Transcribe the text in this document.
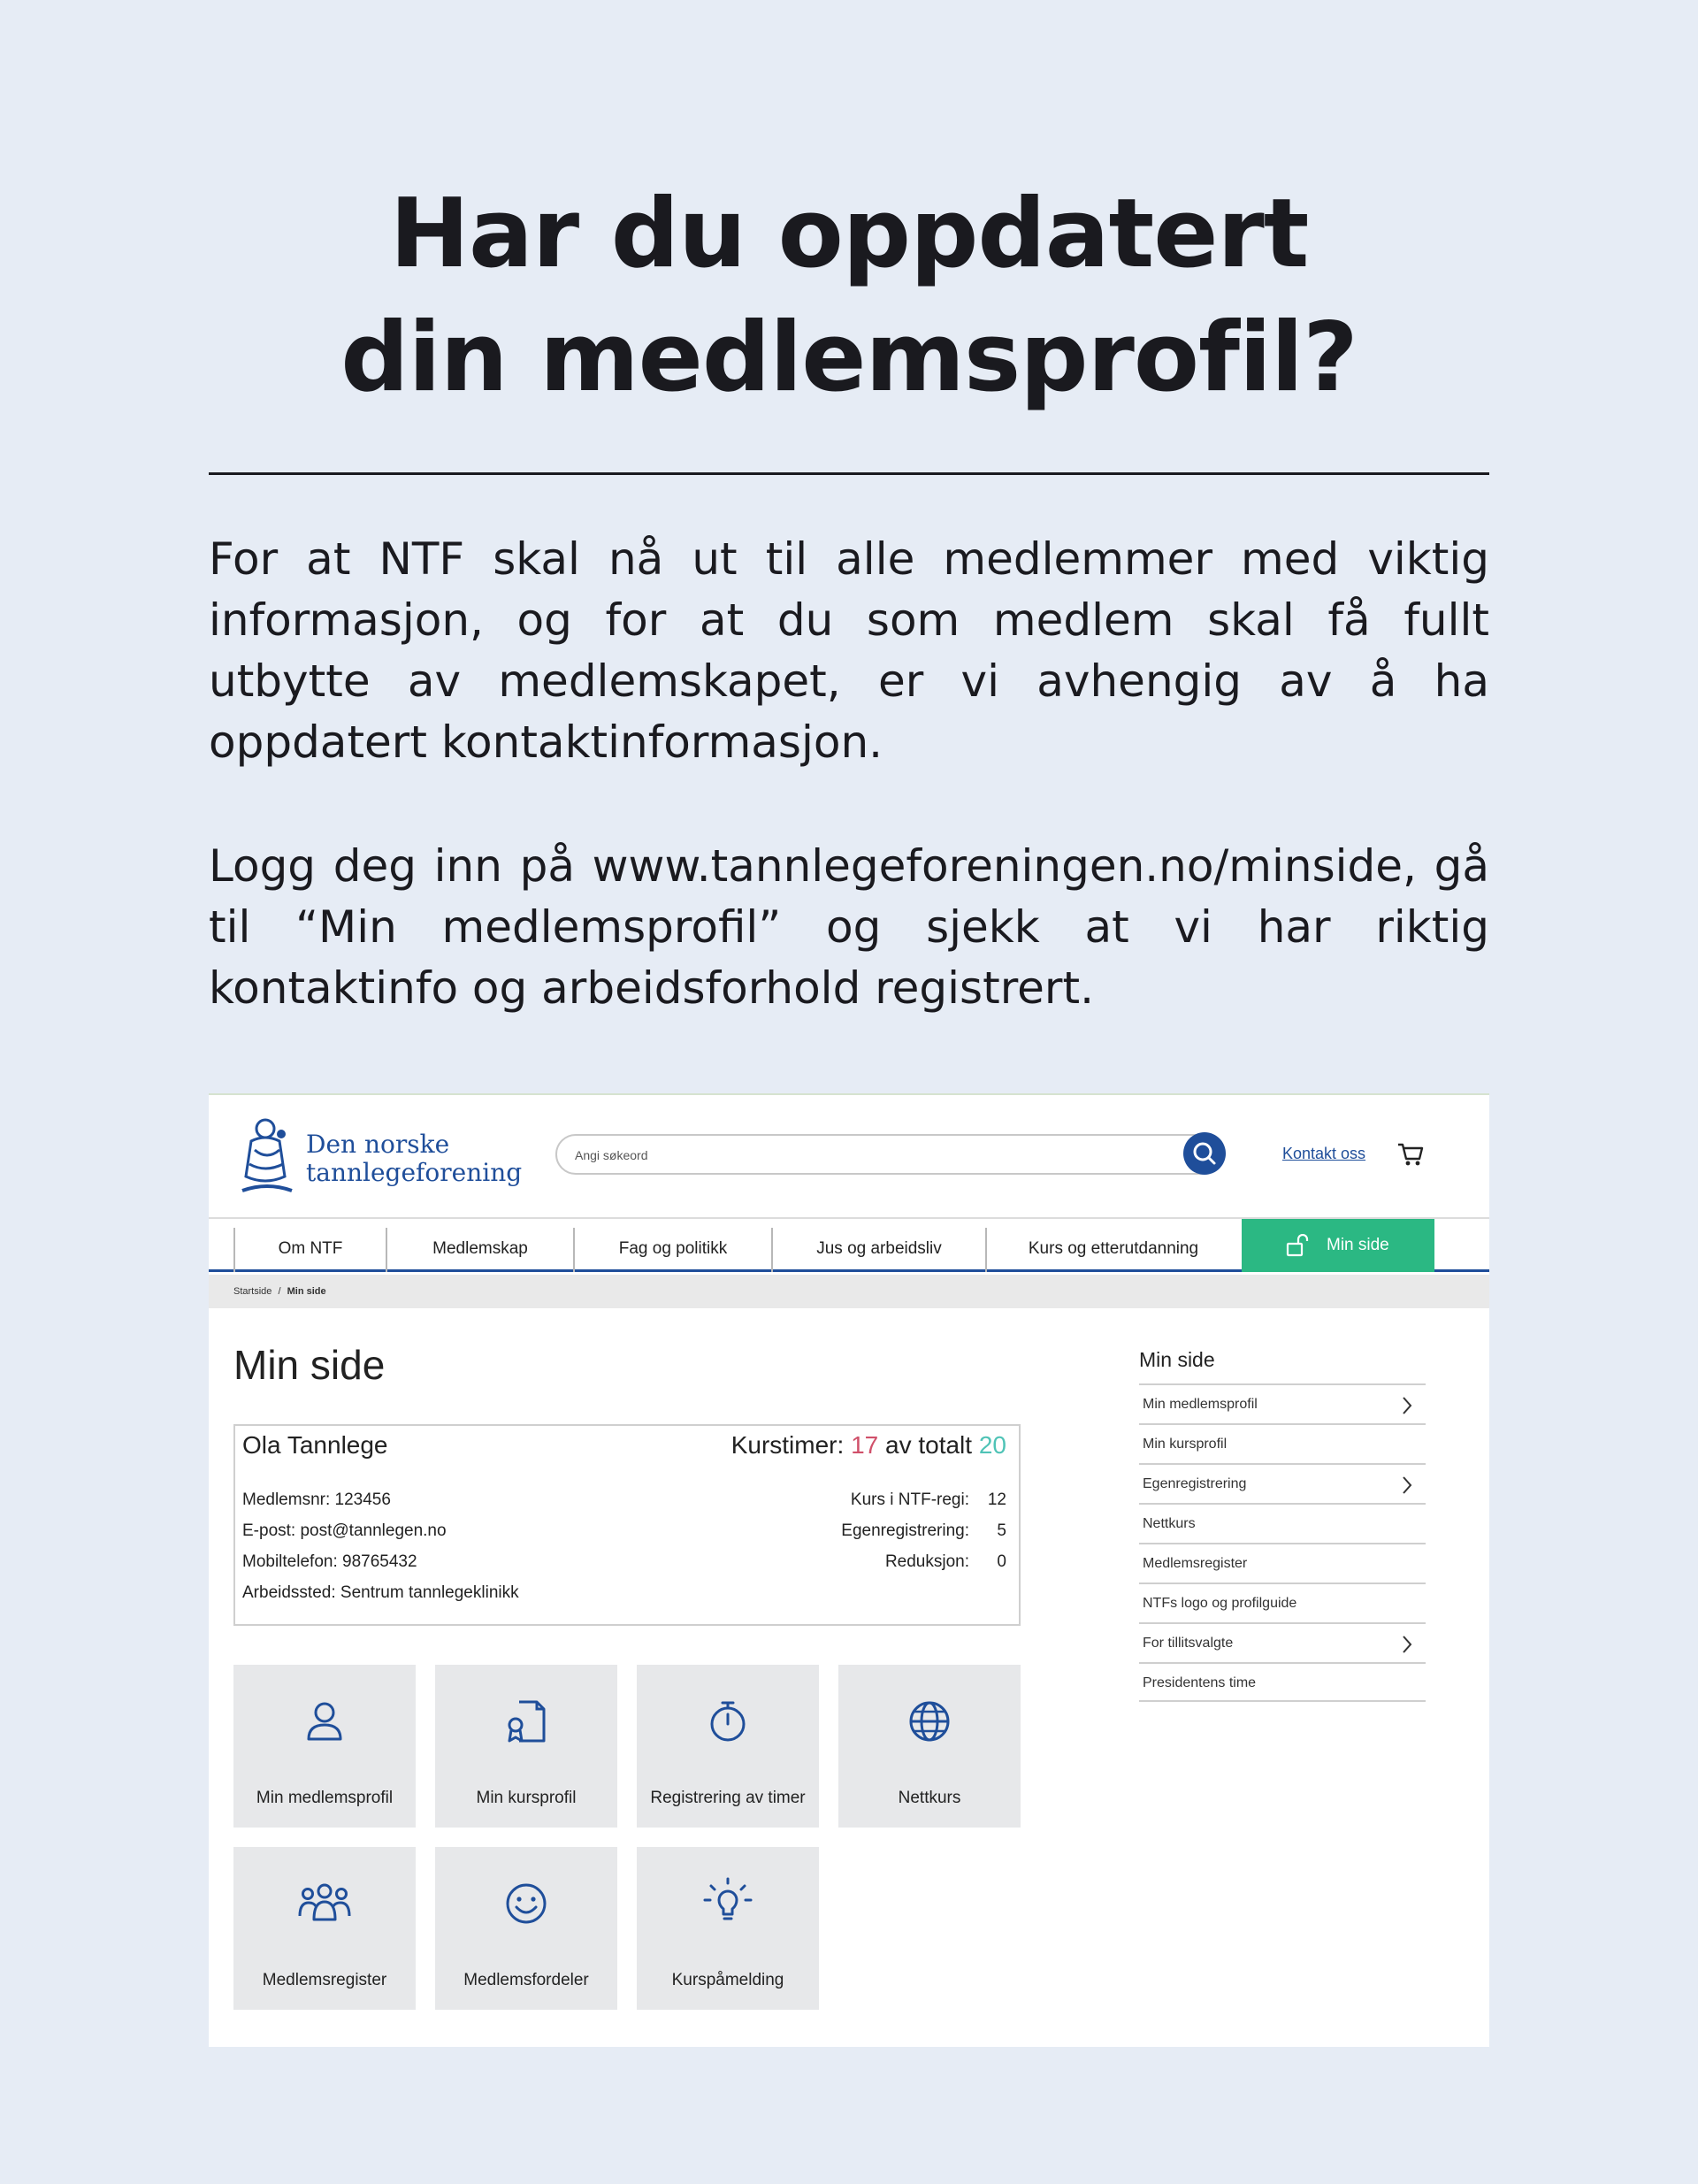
Har du oppdatert
din medlemsprofil?

For at NTF skal nå ut til alle medlemmer med viktig informasjon, og for at du som medlem skal få fullt utbytte av medlemskapet, er vi avhengig av å ha oppdatert kontaktinformasjon.

Logg deg inn på www.tannlegeforeningen.no/minside, gå til “Min medlemsprofil” og sjekk at vi har riktig kontaktinfo og arbeidsforhold registrert.

Den norske
tannlegeforening
Angi søkeord
Kontakt oss
Om NTF	Medlemskap	Fag og politikk	Jus og arbeidsliv	Kurs og etterutdanning	Min side
Startside / Min side
Min side
Ola Tannlege	Kurstimer: 17 av totalt 20
Medlemsnr: 123456
E-post: post@tannlegen.no
Mobiltelefon: 98765432
Arbeidssted: Sentrum tannlegeklinikk
Kurs i NTF-regi:	12
Egenregistrering:	5
Reduksjon:	0
Min medlemsprofil	Min kursprofil	Registrering av timer	Nettkurs
Medlemsregister	Medlemsfordeler	Kurspåmelding
Min side
Min medlemsprofil
Min kursprofil
Egenregistrering
Nettkurs
Medlemsregister
NTFs logo og profilguide
For tillitsvalgte
Presidentens time
